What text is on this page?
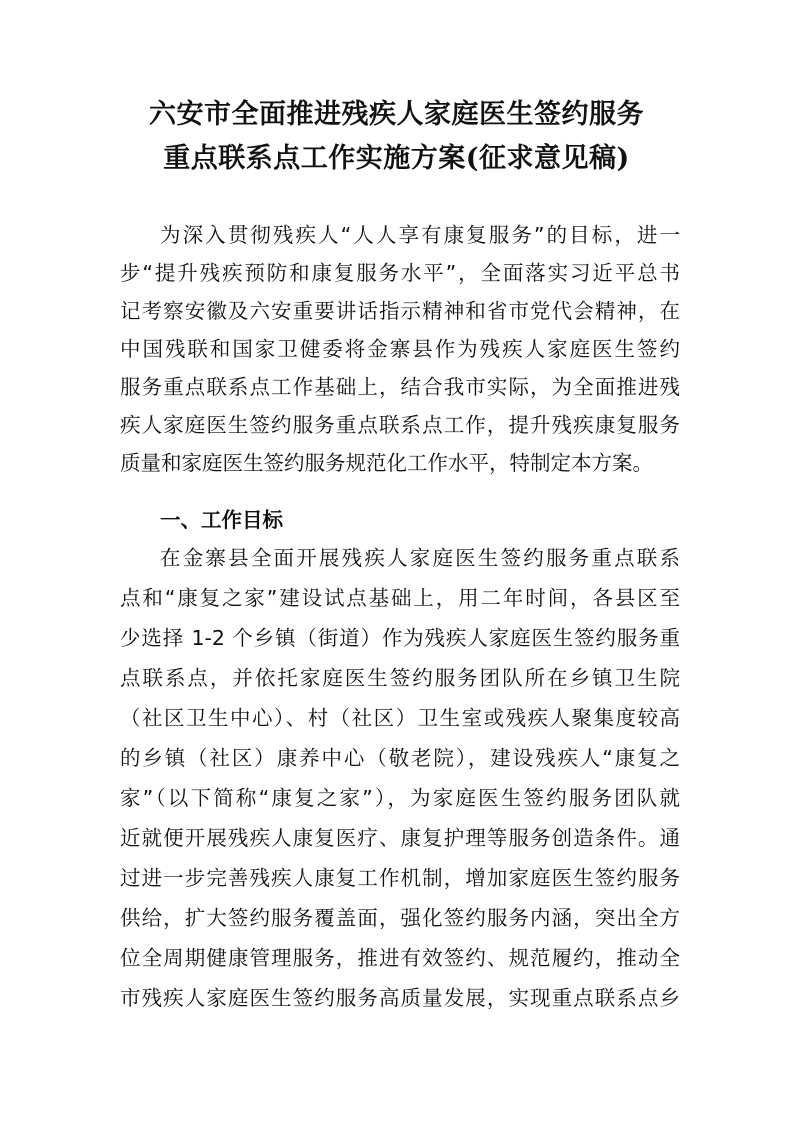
六安市全面推进残疾人家庭医生签约服务
重点联系点工作实施方案(征求意见稿)
为深入贯彻残疾人“人人享有康复服务”的目标，进一
步“提升残疾预防和康复服务水平”，全面落实习近平总书
记考察安徽及六安重要讲话指示精神和省市党代会精神，在
中国残联和国家卫健委将金寨县作为残疾人家庭医生签约
服务重点联系点工作基础上，结合我市实际，为全面推进残
疾人家庭医生签约服务重点联系点工作，提升残疾康复服务
质量和家庭医生签约服务规范化工作水平，特制定本方案。
一、工作目标
在金寨县全面开展残疾人家庭医生签约服务重点联系
点和“康复之家”建设试点基础上，用二年时间，各县区至
少选择 1-2 个乡镇（街道）作为残疾人家庭医生签约服务重
点联系点，并依托家庭医生签约服务团队所在乡镇卫生院
（社区卫生中心）、村（社区）卫生室或残疾人聚集度较高
的乡镇（社区）康养中心（敬老院），建设残疾人“康复之
家”（以下简称“康复之家”），为家庭医生签约服务团队就
近就便开展残疾人康复医疗、康复护理等服务创造条件。通
过进一步完善残疾人康复工作机制，增加家庭医生签约服务
供给，扩大签约服务覆盖面，强化签约服务内涵，突出全方
位全周期健康管理服务，推进有效签约、规范履约，推动全
市残疾人家庭医生签约服务高质量发展，实现重点联系点乡
